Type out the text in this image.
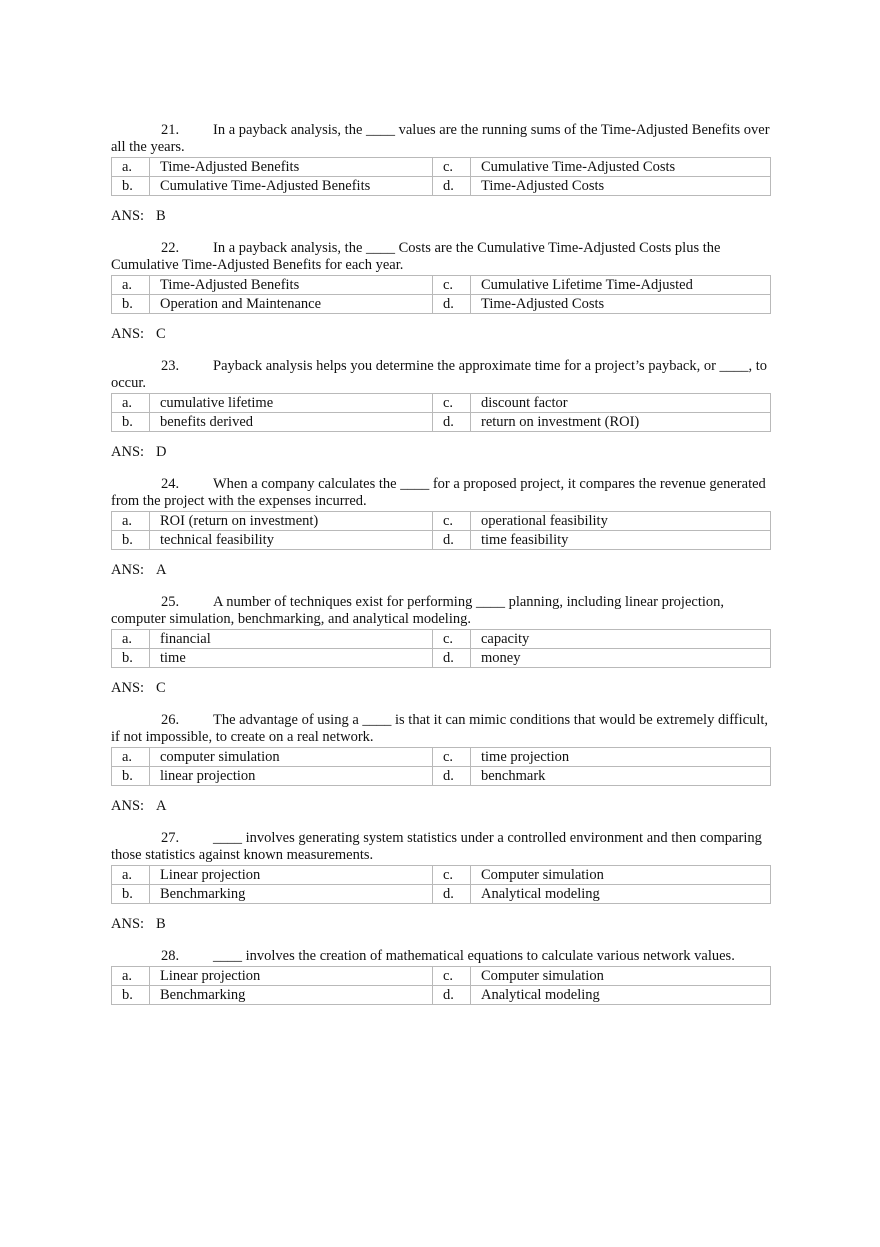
21. In a payback analysis, the ____ values are the running sums of the Time-Adjusted Benefits over all the years.

a.	Time-Adjusted Benefits	c.	Cumulative Time-Adjusted Costs
b.	Cumulative Time-Adjusted Benefits	d.	Time-Adjusted Costs
ANS: B

22. In a payback analysis, the ____ Costs are the Cumulative Time-Adjusted Costs plus the Cumulative Time-Adjusted Benefits for each year.

a.	Time-Adjusted Benefits	c.	Cumulative Lifetime Time-Adjusted
b.	Operation and Maintenance	d.	Time-Adjusted Costs
ANS: C

23. Payback analysis helps you determine the approximate time for a project’s payback, or ____, to occur.

a.	cumulative lifetime	c.	discount factor
b.	benefits derived	d.	return on investment (ROI)
ANS: D

24. When a company calculates the ____ for a proposed project, it compares the revenue generated from the project with the expenses incurred.

a.	ROI (return on investment)	c.	operational feasibility
b.	technical feasibility	d.	time feasibility
ANS: A

25. A number of techniques exist for performing ____ planning, including linear projection, computer simulation, benchmarking, and analytical modeling.

a.	financial	c.	capacity
b.	time	d.	money
ANS: C

26. The advantage of using a ____ is that it can mimic conditions that would be extremely difficult, if not impossible, to create on a real network.

a.	computer simulation	c.	time projection
b.	linear projection	d.	benchmark
ANS: A

27. ____ involves generating system statistics under a controlled environment and then comparing those statistics against known measurements.

a.	Linear projection	c.	Computer simulation
b.	Benchmarking	d.	Analytical modeling
ANS: B

28. ____ involves the creation of mathematical equations to calculate various network values.

a.	Linear projection	c.	Computer simulation
b.	Benchmarking	d.	Analytical modeling
